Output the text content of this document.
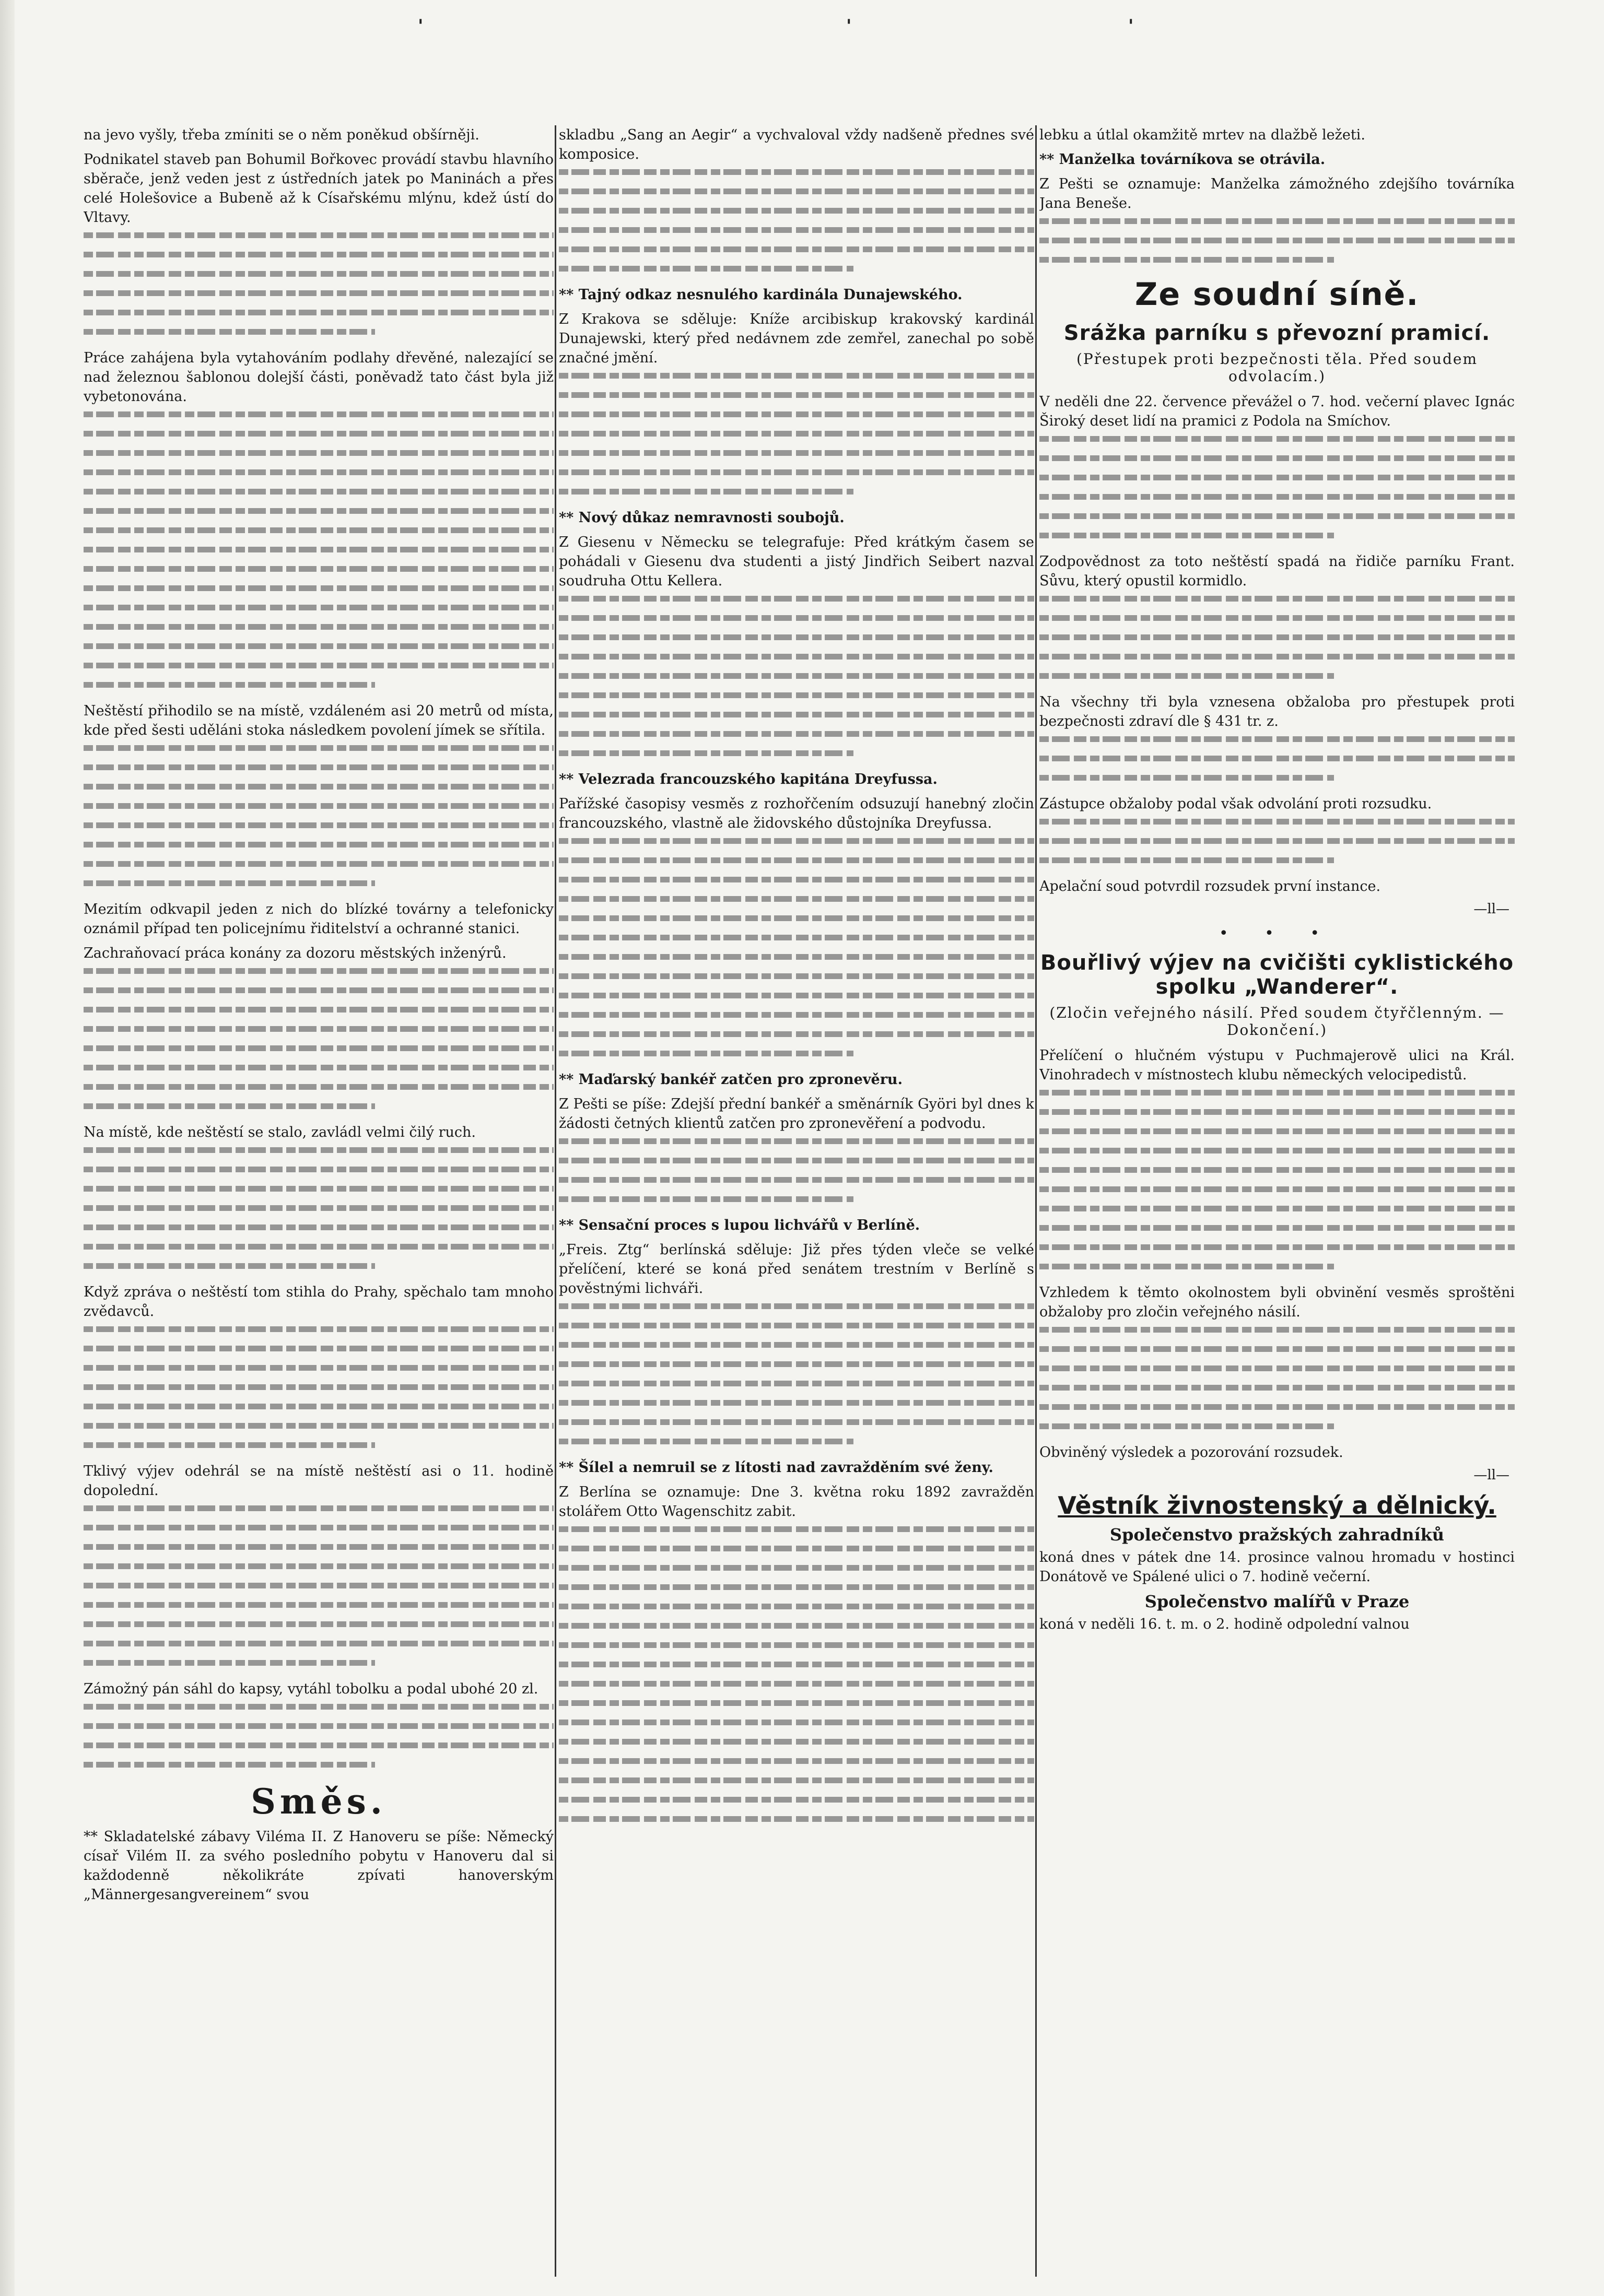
'	'	'

na jevo vyšly, třeba zmíniti se o něm poněkud obšírněji.

Podnikatel staveb pan Bohumil Bořkovec provádí stavbu hlavního sběrače, jenž veden jest z ústředních jatek po Maninách a přes celé Holešovice a Bubeně až k Císařskému mlýnu, kdež ústí do Vltavy.

Práce zahájena byla vytahováním podlahy dřevěné, nalezající se nad železnou šablonou dolejší části, poněvadž tato část byla již vybetonována.

Neštěstí přihodilo se na místě, vzdáleném asi 20 metrů od místa, kde před šesti uděláni stoka následkem povolení jímek se sřítila.

Mezitím odkvapil jeden z nich do blízké továrny a telefonicky oznámil případ ten policejnímu řiditelství a ochranné stanici.

Zachraňovací práca konány za dozoru městských inženýrů.

Na místě, kde neštěstí se stalo, zavládl velmi čilý ruch.

Když zpráva o neštěstí tom stihla do Prahy, spěchalo tam mnoho zvědavců.

Tklivý výjev odehrál se na místě neštěstí asi o 11. hodině dopolední.

Zámožný pán sáhl do kapsy, vytáhl tobolku a podal ubohé 20 zl.

Směs.

** Skladatelské zábavy Viléma II. Z Hanoveru se píše: Německý císař Vilém II. za svého posledního pobytu v Hanoveru dal si každodenně několikráte zpívati hanoverským „Männergesangvereinem“ svou

skladbu „Sang an Aegir“ a vychvaloval vždy nadšeně přednes své komposice.

** Tajný odkaz nesnulého kardinála Dunajewského.

Z Krakova se sděluje: Kníže arcibiskup krakovský kardinál Dunajewski, který před nedávnem zde zemřel, zanechal po sobě značné jmění.

** Nový důkaz nemravnosti soubojů.

Z Giesenu v Německu se telegrafuje: Před krátkým časem se pohádali v Giesenu dva studenti a jistý Jindřich Seibert nazval soudruha Ottu Kellera.

** Velezrada francouzského kapitána Dreyfussa.

Pařížské časopisy vesměs z rozhořčením odsuzují hanebný zločin francouzského, vlastně ale židovského důstojníka Dreyfussa.

** Maďarský bankéř zatčen pro zpronevěru.

Z Pešti se píše: Zdejší přední bankéř a směnárník Györi byl dnes k žádosti četných klientů zatčen pro zpronevěření a podvodu.

** Sensační proces s lupou lichvářů v Berlíně.

„Freis. Ztg“ berlínská sděluje: Již přes týden vleče se velké přelíčení, které se koná před senátem trestním v Berlíně s pověstnými lichváři.

** Šílel a nemruil se z lítosti nad zavražděním své ženy.

Z Berlína se oznamuje: Dne 3. května roku 1892 zavražděn stolářem Otto Wagenschitz zabit.

lebku a útlal okamžitě mrtev na dlažbě ležeti.

** Manželka továrníkova se otrávila.

Z Pešti se oznamuje: Manželka zámožného zdejšího továrníka Jana Beneše.

Ze soudní síně.
Srážka parníku s převozní pramicí.
(Přestupek proti bezpečnosti těla. Před soudem odvolacím.)

V neděli dne 22. července převážel o 7. hod. večerní plavec Ignác Široký deset lidí na pramici z Podola na Smíchov.

Zodpovědnost za toto neštěstí spadá na řidiče parníku Frant. Sůvu, který opustil kormidlo.

Na všechny tři byla vznesena obžaloba pro přestupek proti bezpečnosti zdraví dle § 431 tr. z.

Zástupce obžaloby podal však odvolání proti rozsudku.

Apelační soud potvrdil rozsudek první instance.

—ll—
• • •
Bouřlivý výjev na cvičišti cyklistického spolku „Wanderer“.
(Zločin veřejného násilí. Před soudem čtyřčlenným. — Dokončení.)

Přelíčení o hlučném výstupu v Puchmajerově ulici na Král. Vinohradech v místnostech klubu německých velocipedistů.

Vzhledem k těmto okolnostem byli obvinění vesměs sproštěni obžaloby pro zločin veřejného násilí.

Obviněný výsledek a pozorování rozsudek.

—ll—
Věstník živnostenský a dělnický.
Společenstvo pražských zahradníků

koná dnes v pátek dne 14. prosince valnou hromadu v hostinci Donátově ve Spálené ulici o 7. hodině večerní.

Společenstvo malířů v Praze

koná v neděli 16. t. m. o 2. hodině odpolední valnou
